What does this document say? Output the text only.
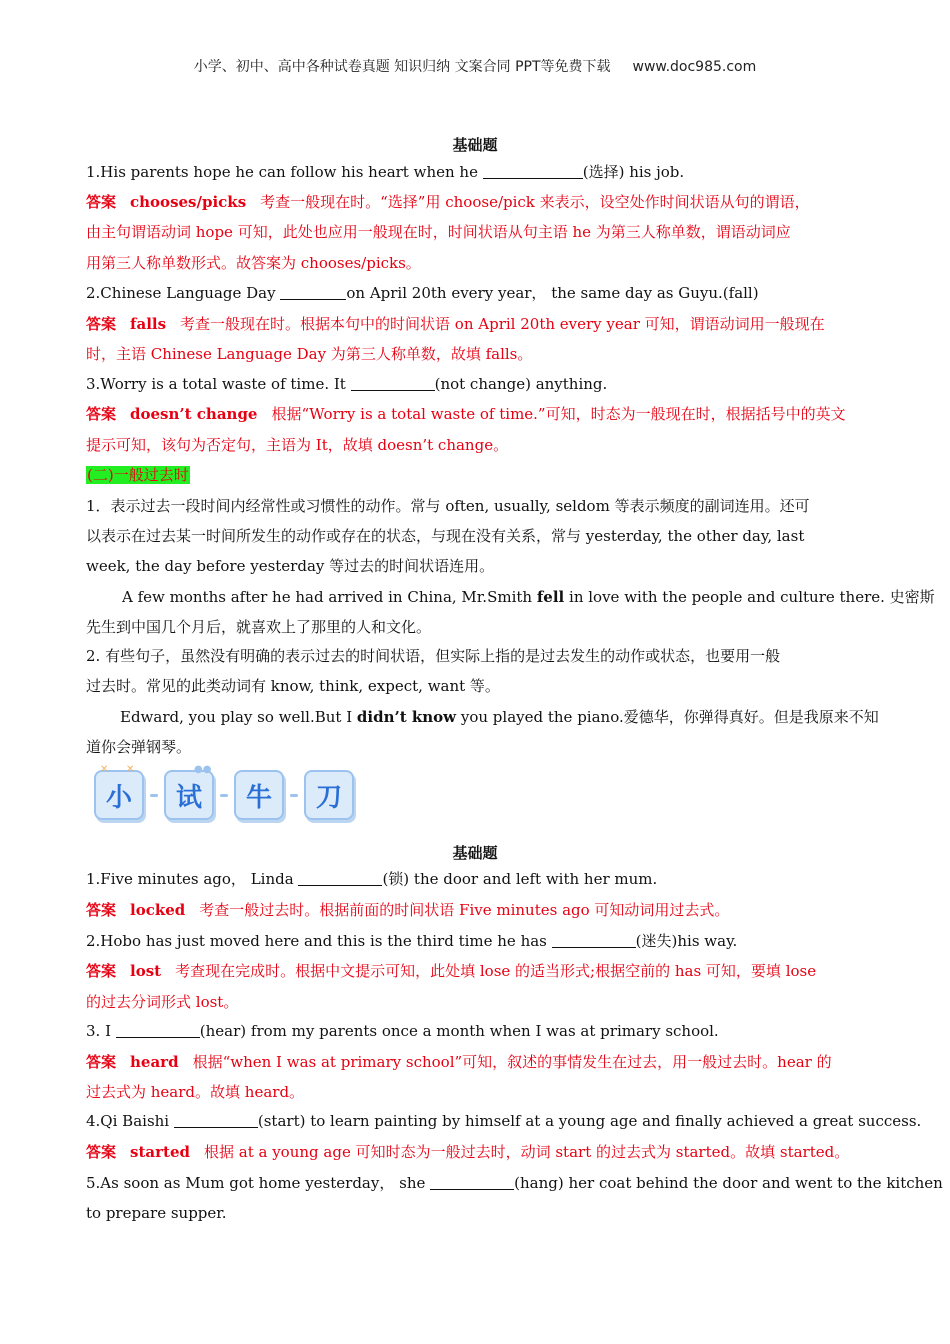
小学、初中、高中各种试卷真题 知识归纳 文案合同 PPT等免费下载 www.doc985.com
基础题
1.His parents hope he can follow his heart when he	(选择) his job.
答案 chooses/picks 考查一般现在时。“选择”用 choose/pick 来表示，设空处作时间状语从句的谓语，
由主句谓语动词 hope 可知，此处也应用一般现在时，时间状语从句主语 he 为第三人称单数，谓语动词应
用第三人称单数形式。故答案为 chooses/picks。
2.Chinese Language Day	on April 20th every year， the same day as Guyu.(fall)
答案 falls 考查一般现在时。根据本句中的时间状语 on April 20th every year 可知，谓语动词用一般现在
时，主语 Chinese Language Day 为第三人称单数，故填 falls。
3.Worry is a total waste of time. It	(not change) anything.
答案 doesn’t change 根据“Worry is a total waste of time.”可知，时态为一般现在时，根据括号中的英文
提示可知，该句为否定句，主语为 It，故填 doesn’t change。
(二)一般过去时
1．表示过去一段时间内经常性或习惯性的动作。常与 often, usually, seldom 等表示频度的副词连用。还可
以表示在过去某一时间所发生的动作或存在的状态，与现在没有关系，常与 yesterday, the other day, last
week, the day before yesterday 等过去的时间状语连用。
A few months after he had arrived in China, Mr.Smith fell in love with the people and culture there. 史密斯
先生到中国几个月后，就喜欢上了那里的人和文化。
2. 有些句子，虽然没有明确的表示过去的时间状语，但实际上指的是过去发生的动作或状态，也要用一般
过去时。常见的此类动词有 know, think, expect, want 等。
Edward, you play so well.But I didn’t know you played the piano.爱德华，你弹得真好。但是我原来不知
道你会弹钢琴。
✕ ✕
小
●●
试 牛 刀
基础题
1.Five minutes ago， Linda	(锁) the door and left with her mum.
答案 locked 考查一般过去时。根据前面的时间状语 Five minutes ago 可知动词用过去式。
2.Hobo has just moved here and this is the third time he has	(迷失)his way.
答案 lost 考查现在完成时。根据中文提示可知，此处填 lose 的适当形式;根据空前的 has 可知，要填 lose
的过去分词形式 lost。
3. I	(hear) from my parents once a month when I was at primary school.
答案 heard 根据“when I was at primary school”可知，叙述的事情发生在过去，用一般过去时。hear 的
过去式为 heard。故填 heard。
4.Qi Baishi	(start) to learn painting by himself at a young age and finally achieved a great success.
答案 started 根据 at a young age 可知时态为一般过去时，动词 start 的过去式为 started。故填 started。
5.As soon as Mum got home yesterday， she	(hang) her coat behind the door and went to the kitchen
to prepare supper.
